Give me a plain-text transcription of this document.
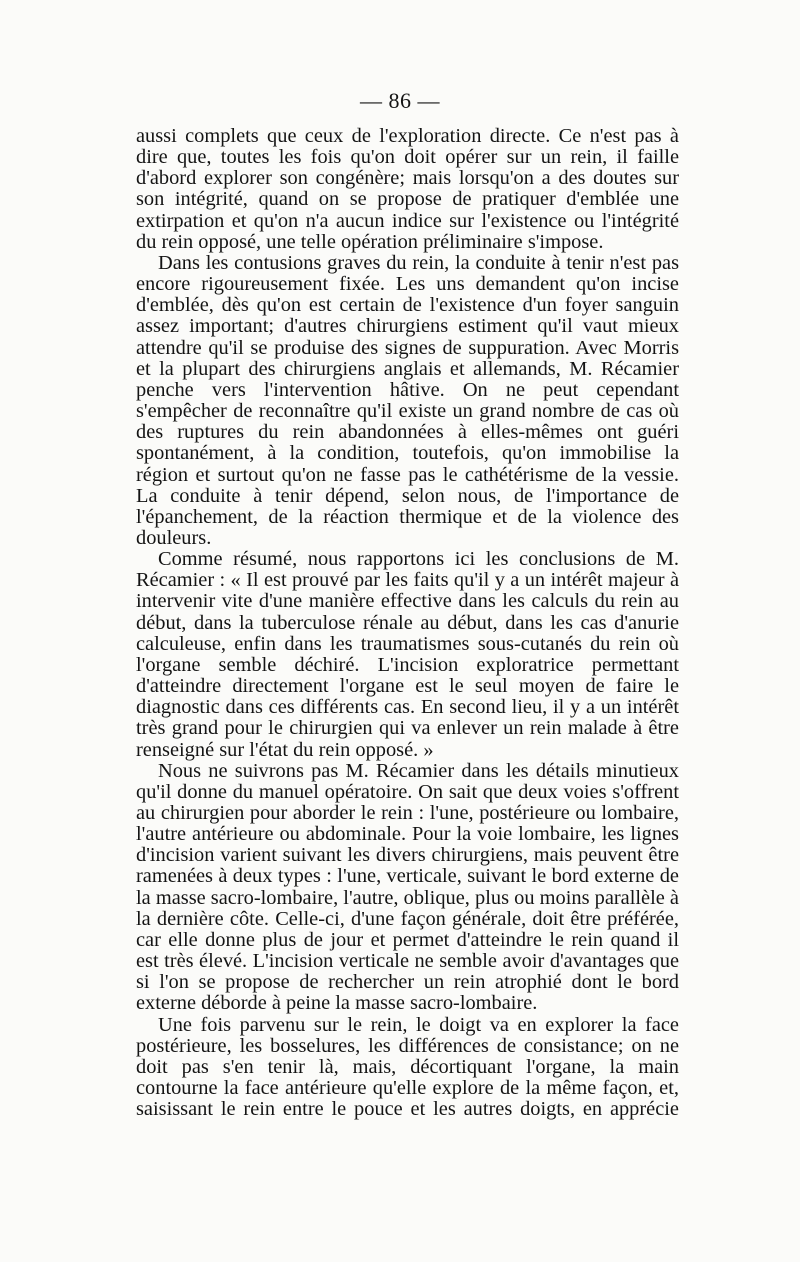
— 86 —

aussi complets que ceux de l'exploration directe. Ce n'est pas à dire que, toutes les fois qu'on doit opérer sur un rein, il faille d'abord explorer son congénère; mais lorsqu'on a des doutes sur son intégrité, quand on se propose de pratiquer d'emblée une extirpation et qu'on n'a aucun indice sur l'existence ou l'intégrité du rein opposé, une telle opération préliminaire s'impose.

Dans les contusions graves du rein, la conduite à tenir n'est pas encore rigoureusement fixée. Les uns demandent qu'on incise d'emblée, dès qu'on est certain de l'existence d'un foyer sanguin assez important; d'autres chirurgiens estiment qu'il vaut mieux attendre qu'il se produise des signes de suppuration. Avec Morris et la plupart des chirurgiens anglais et allemands, M. Récamier penche vers l'intervention hâtive. On ne peut cependant s'empêcher de reconnaître qu'il existe un grand nombre de cas où des ruptures du rein abandonnées à elles-mêmes ont guéri spontanément, à la condition, toutefois, qu'on immobilise la région et surtout qu'on ne fasse pas le cathétérisme de la vessie. La conduite à tenir dépend, selon nous, de l'importance de l'épanchement, de la réaction thermique et de la violence des douleurs.

Comme résumé, nous rapportons ici les conclusions de M. Récamier : « Il est prouvé par les faits qu'il y a un intérêt majeur à intervenir vite d'une manière effective dans les calculs du rein au début, dans la tuberculose rénale au début, dans les cas d'anurie calculeuse, enfin dans les traumatismes sous-cutanés du rein où l'organe semble déchiré. L'incision exploratrice permettant d'atteindre directement l'organe est le seul moyen de faire le diagnostic dans ces différents cas. En second lieu, il y a un intérêt très grand pour le chirurgien qui va enlever un rein malade à être renseigné sur l'état du rein opposé. »

Nous ne suivrons pas M. Récamier dans les détails minutieux qu'il donne du manuel opératoire. On sait que deux voies s'offrent au chirurgien pour aborder le rein : l'une, postérieure ou lombaire, l'autre antérieure ou abdominale. Pour la voie lombaire, les lignes d'incision varient suivant les divers chirurgiens, mais peuvent être ramenées à deux types : l'une, verticale, suivant le bord externe de la masse sacro-lombaire, l'autre, oblique, plus ou moins parallèle à la dernière côte. Celle-ci, d'une façon générale, doit être préférée, car elle donne plus de jour et permet d'atteindre le rein quand il est très élevé. L'incision verticale ne semble avoir d'avantages que si l'on se propose de rechercher un rein atrophié dont le bord externe déborde à peine la masse sacro-lombaire.

Une fois parvenu sur le rein, le doigt va en explorer la face postérieure, les bosselures, les différences de consistance; on ne doit pas s'en tenir là, mais, décortiquant l'organe, la main contourne la face antérieure qu'elle explore de la même façon, et, saisissant le rein entre le pouce et les autres doigts, en apprécie
